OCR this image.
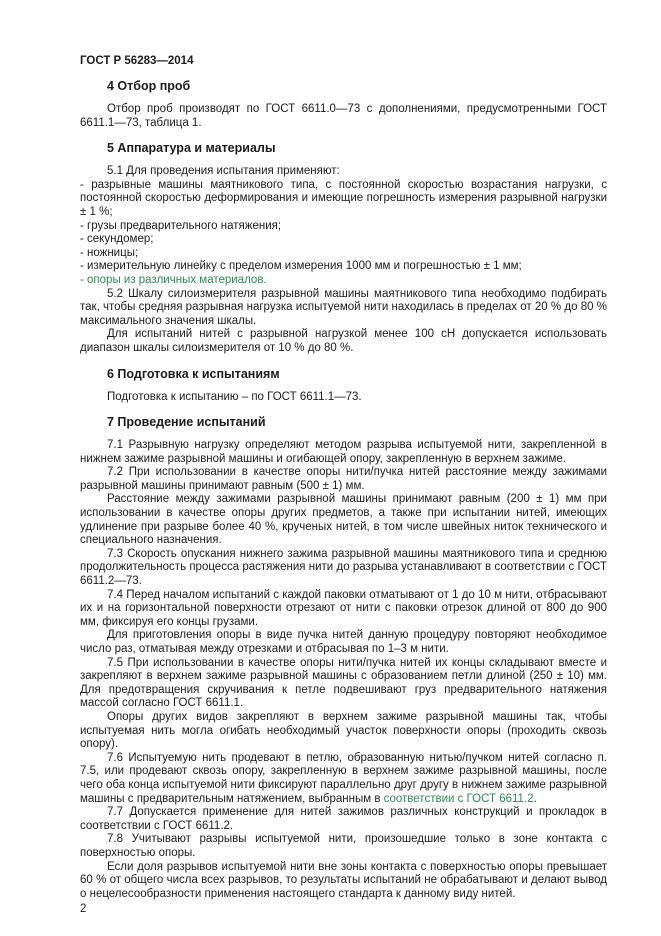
ГОСТ Р 56283—2014
4 Отбор проб

Отбор проб производят по ГОСТ 6611.0—73 с дополнениями, предусмотренными ГОСТ 6611.1—73, таблица 1.

5 Аппаратура и материалы

5.1 Для проведения испытания применяют:

- разрывные машины маятникового типа, с постоянной скоростью возрастания нагрузки, с постоянной скоростью деформирования и имеющие погрешность измерения разрывной нагрузки ± 1 %;

- грузы предварительного натяжения;

- секундомер;

- ножницы;

- измерительную линейку с пределом измерения 1000 мм и погрешностью ± 1 мм;

- опоры из различных материалов.

5.2 Шкалу силоизмерителя разрывной машины маятникового типа необходимо подбирать так, чтобы средняя разрывная нагрузка испытуемой нити находилась в пределах от 20 % до 80 % максимального значения шкалы.

Для испытаний нитей с разрывной нагрузкой менее 100 сН допускается использовать диапазон шкалы силоизмерителя от 10 % до 80 %.

6 Подготовка к испытаниям

Подготовка к испытанию – по ГОСТ 6611.1—73.

7 Проведение испытаний

7.1 Разрывную нагрузку определяют методом разрыва испытуемой нити, закрепленной в нижнем зажиме разрывной машины и огибающей опору, закрепленную в верхнем зажиме.

7.2 При использовании в качестве опоры нити/пучка нитей расстояние между зажимами разрывной машины принимают равным (500 ± 1) мм.

Расстояние между зажимами разрывной машины принимают равным (200 ± 1) мм при использовании в качестве опоры других предметов, а также при испытании нитей, имеющих удлинение при разрыве более 40 %, крученых нитей, в том числе швейных ниток технического и специального назначения.

7.3 Скорость опускания нижнего зажима разрывной машины маятникового типа и среднюю продолжительность процесса растяжения нити до разрыва устанавливают в соответствии с ГОСТ 6611.2—73.

7.4 Перед началом испытаний с каждой паковки отматывают от 1 до 10 м нити, отбрасывают их и на горизонтальной поверхности отрезают от нити с паковки отрезок длиной от 800 до 900 мм, фиксируя его концы грузами.

Для приготовления опоры в виде пучка нитей данную процедуру повторяют необходимое число раз, отматывая между отрезками и отбрасывая по 1–3 м нити.

7.5 При использовании в качестве опоры нити/пучка нитей их концы складывают вместе и закрепляют в верхнем зажиме разрывной машины с образованием петли длиной (250 ± 10) мм. Для предотвращения скручивания к петле подвешивают груз предварительного натяжения массой согласно ГОСТ 6611.1.

Опоры других видов закрепляют в верхнем зажиме разрывной машины так, чтобы испытуемая нить могла огибать необходимый участок поверхности опоры (проходить сквозь опору).

7.6 Испытуемую нить продевают в петлю, образованную нитью/пучком нитей согласно п. 7.5, или продевают сквозь опору, закрепленную в верхнем зажиме разрывной машины, после чего оба конца испытуемой нити фиксируют параллельно друг другу в нижнем зажиме разрывной машины с предварительным натяжением, выбранным в соответствии с ГОСТ 6611.2.

7.7 Допускается применение для нитей зажимов различных конструкций и прокладок в соответствии с ГОСТ 6611.2.

7.8 Учитывают разрывы испытуемой нити, произошедшие только в зоне контакта с поверхностью опоры.

Если доля разрывов испытуемой нити вне зоны контакта с поверхностью опоры превышает 60 % от общего числа всех разрывов, то результаты испытаний не обрабатывают и делают вывод о нецелесообразности применения настоящего стандарта к данному виду нитей.

2
